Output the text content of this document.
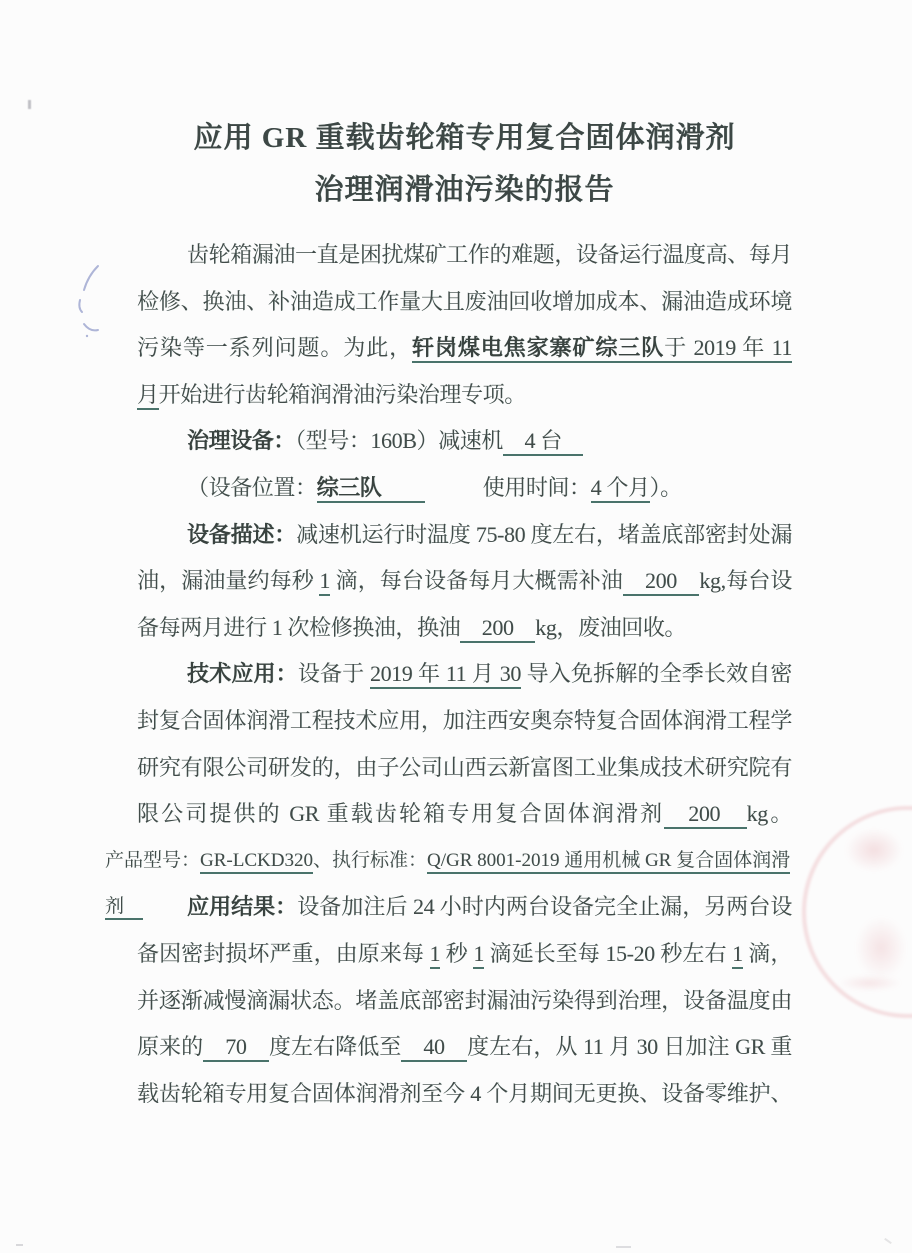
应用 GR 重载齿轮箱专用复合固体润滑剂
治理润滑油污染的报告
齿轮箱漏油一直是困扰煤矿工作的难题，设备运行温度高、每月
检修、换油、补油造成工作量大且废油回收增加成本、漏油造成环境
污染等一系列问题。为此，轩岗煤电焦家寨矿综三队于 2019 年 11
月开始进行齿轮箱润滑油污染治理专项。
治理设备：（型号：160B）减速机　4 台　
（设备位置：综三队　　	使用时间：4 个月）。
设备描述：减速机运行时温度 75-80 度左右，堵盖底部密封处漏
油，漏油量约每秒 1 滴，每台设备每月大概需补油　200　kg,每台设
备每两月进行 1 次检修换油，换油　200　kg，废油回收。
技术应用：设备于 2019 年 11 月 30 导入免拆解的全季长效自密
封复合固体润滑工程技术应用，加注西安奥奈特复合固体润滑工程学
研究有限公司研发的，由子公司山西云新富图工业集成技术研究院有
限公司提供的 GR 重载齿轮箱专用复合固体润滑剂　200　kg。
产品型号：GR-LCKD320、执行标准：Q/GR 8001-2019 通用机械 GR 复合固体润滑剂　	应用结果：设备加注后 24 小时内两台设备完全止漏，另两台设
备因密封损坏严重，由原来每 1 秒 1 滴延长至每 15-20 秒左右 1 滴，
并逐渐减慢滴漏状态。堵盖底部密封漏油污染得到治理，设备温度由
原来的　70　度左右降低至　40　度左右，从 11 月 30 日加注 GR 重
载齿轮箱专用复合固体润滑剂至今 4 个月期间无更换、设备零维护、
